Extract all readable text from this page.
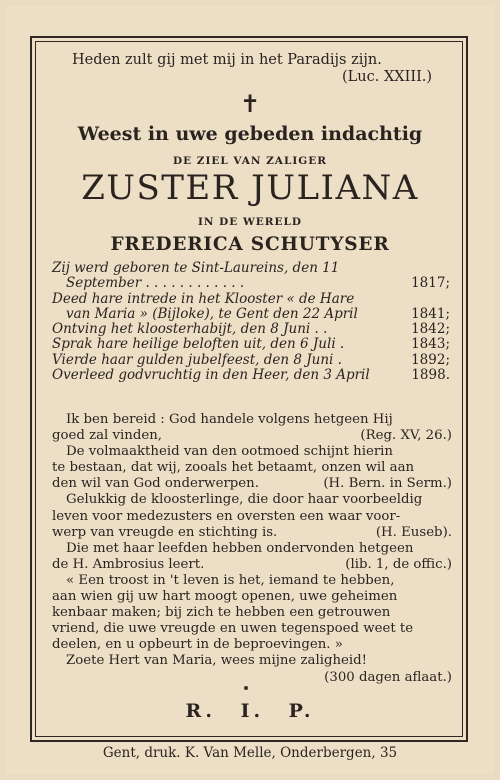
Heden zult gij met mij in het Paradijs zijn.
(Luc. XXIII.)
✝
Weest in uwe gebeden indachtig
DE ZIEL VAN ZALIGER
ZUSTER JULIANA
IN DE WERELD
FREDERICA SCHUTYSER
Zij werd geboren te Sint-Laureins, den 11
September . . . . . . . . . . . .	1817;
Deed hare intrede in het Klooster « de Hare
van Maria » (Bijloke), te Gent den 22 April	1841;
Ontving het kloosterhabijt, den 8 Juni . .	1842;
Sprak hare heilige beloften uit, den 6 Juli .	1843;
Vierde haar gulden jubelfeest, den 8 Juni .	1892;
Overleed godvruchtig in den Heer, den 3 April	1898.
Ik ben bereid : God handele volgens hetgeen Hij
goed zal vinden,	(Reg. XV, 26.)
De volmaaktheid van den ootmoed schijnt hierin
te bestaan, dat wij, zooals het betaamt, onzen wil aan
den wil van God onderwerpen.	(H. Bern. in Serm.)
Gelukkig de kloosterlinge, die door haar voorbeeldig
leven voor medezusters en oversten een waar voor-
werp van vreugde en stichting is.	(H. Euseb).
Die met haar leefden hebben ondervonden hetgeen
de H. Ambrosius leert.	(lib. 1, de offic.)
« Een troost in 't leven is het, iemand te hebben,
aan wien gij uw hart moogt openen, uwe geheimen
kenbaar maken; bij zich te hebben een getrouwen
vriend, die uwe vreugde en uwen tegenspoed weet te
deelen, en u opbeurt in de beproevingen. »
Zoete Hert van Maria, wees mijne zaligheid!
(300 dagen aflaat.)
R. I. P.
Gent, druk. K. Van Melle, Onderbergen, 35
